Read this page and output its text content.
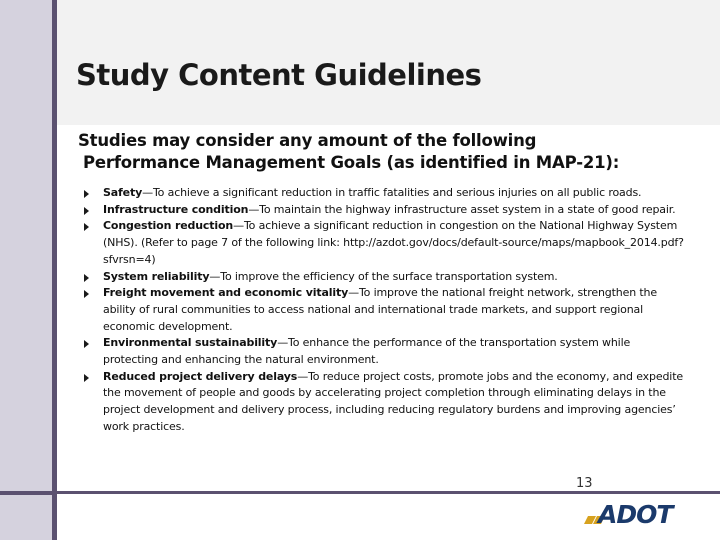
Study Content Guidelines
Studies may consider any amount of the following
Performance Management Goals (as identified in MAP-21):
Safety—To achieve a significant reduction in traffic fatalities and serious injuries on all public roads.
Infrastructure condition—To maintain the highway infrastructure asset system in a state of good repair.
Congestion reduction—To achieve a significant reduction in congestion on the National Highway System (NHS). (Refer to page 7 of the following link: http://azdot.gov/docs/default-source/maps/mapbook_2014.pdf?sfvrsn=4)
System reliability—To improve the efficiency of the surface transportation system.
Freight movement and economic vitality—To improve the national freight network, strengthen the ability of rural communities to access national and international trade markets, and support regional economic development.
Environmental sustainability—To enhance the performance of the transportation system while protecting and enhancing the natural environment.
Reduced project delivery delays—To reduce project costs, promote jobs and the economy, and expedite the movement of people and goods by accelerating project completion through eliminating delays in the project development and delivery process, including reducing regulatory burdens and improving agencies’ work practices.
13
ADOT
